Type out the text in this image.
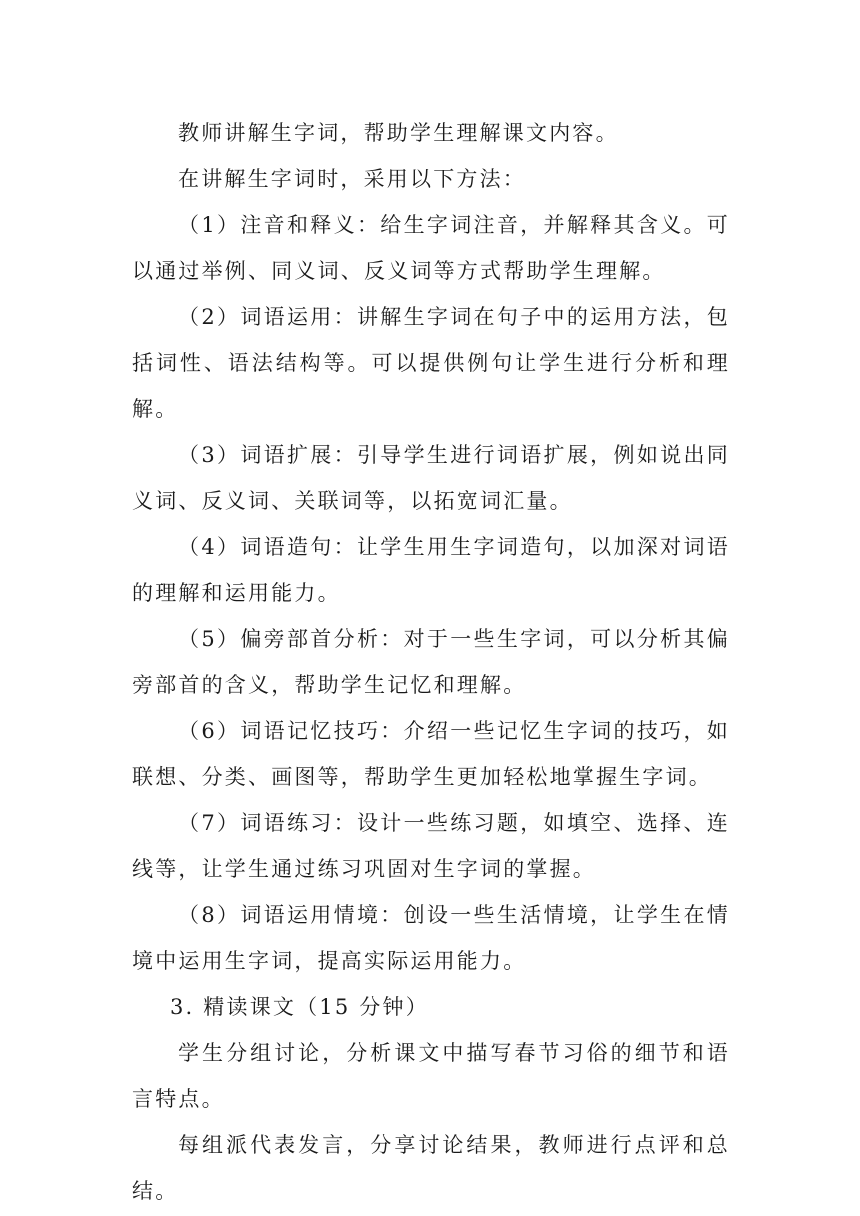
教师讲解生字词，帮助学生理解课文内容。

在讲解生字词时，采用以下方法：

（1）注音和释义：给生字词注音，并解释其含义。可以通过举例、同义词、反义词等方式帮助学生理解。

（2）词语运用：讲解生字词在句子中的运用方法，包括词性、语法结构等。可以提供例句让学生进行分析和理解。

（3）词语扩展：引导学生进行词语扩展，例如说出同义词、反义词、关联词等，以拓宽词汇量。

（4）词语造句：让学生用生字词造句，以加深对词语的理解和运用能力。

（5）偏旁部首分析：对于一些生字词，可以分析其偏旁部首的含义，帮助学生记忆和理解。

（6）词语记忆技巧：介绍一些记忆生字词的技巧，如联想、分类、画图等，帮助学生更加轻松地掌握生字词。

（7）词语练习：设计一些练习题，如填空、选择、连线等，让学生通过练习巩固对生字词的掌握。

（8）词语运用情境：创设一些生活情境，让学生在情境中运用生字词，提高实际运用能力。

3. 精读课文（15 分钟）

学生分组讨论，分析课文中描写春节习俗的细节和语言特点。

每组派代表发言，分享讨论结果，教师进行点评和总结。
